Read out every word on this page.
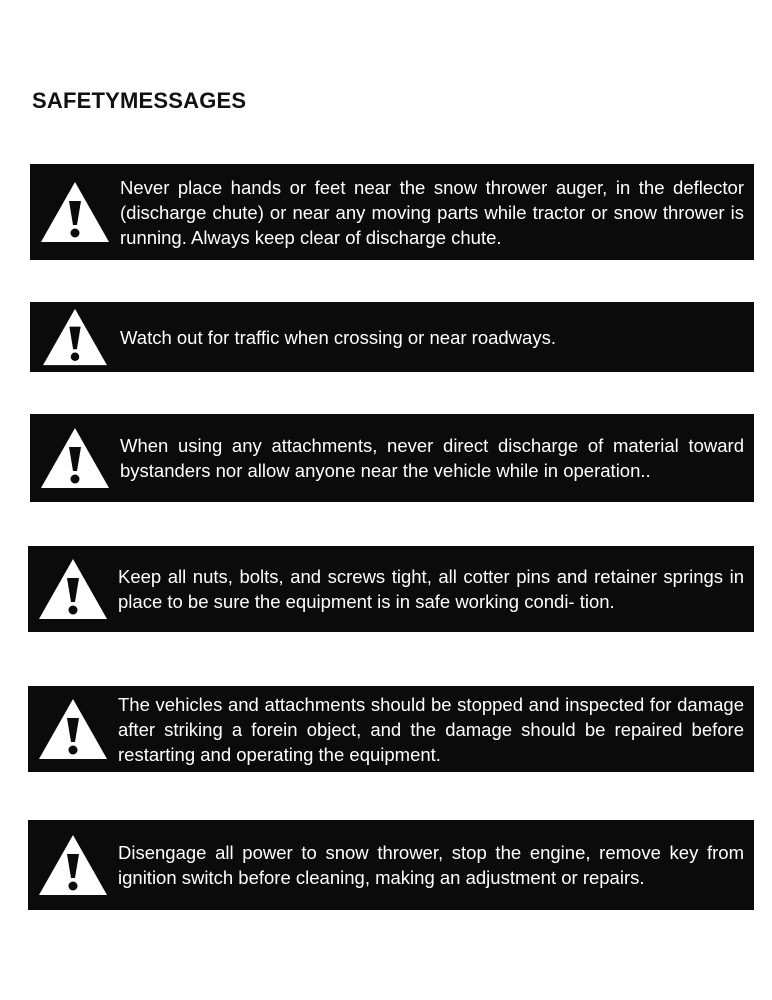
SAFETYMESSAGES
Never place hands or feet near the snow thrower auger, in the deflector (discharge chute) or near any moving parts while tractor or snow thrower is running. Always keep clear of discharge chute.
Watch out for traffic when crossing or near roadways.
When using any attachments, never direct discharge of material toward bystanders nor allow anyone near the vehicle while in operation..
Keep all nuts, bolts, and screws tight, all cotter pins and retainer springs in place to be sure the equipment is in safe working condi- tion.
The vehicles and attachments should be stopped and inspected for damage after striking a forein object, and the damage should be repaired before restarting and operating the equipment.
Disengage all power to snow thrower, stop the engine, remove key from ignition switch before cleaning, making an adjustment or repairs.
